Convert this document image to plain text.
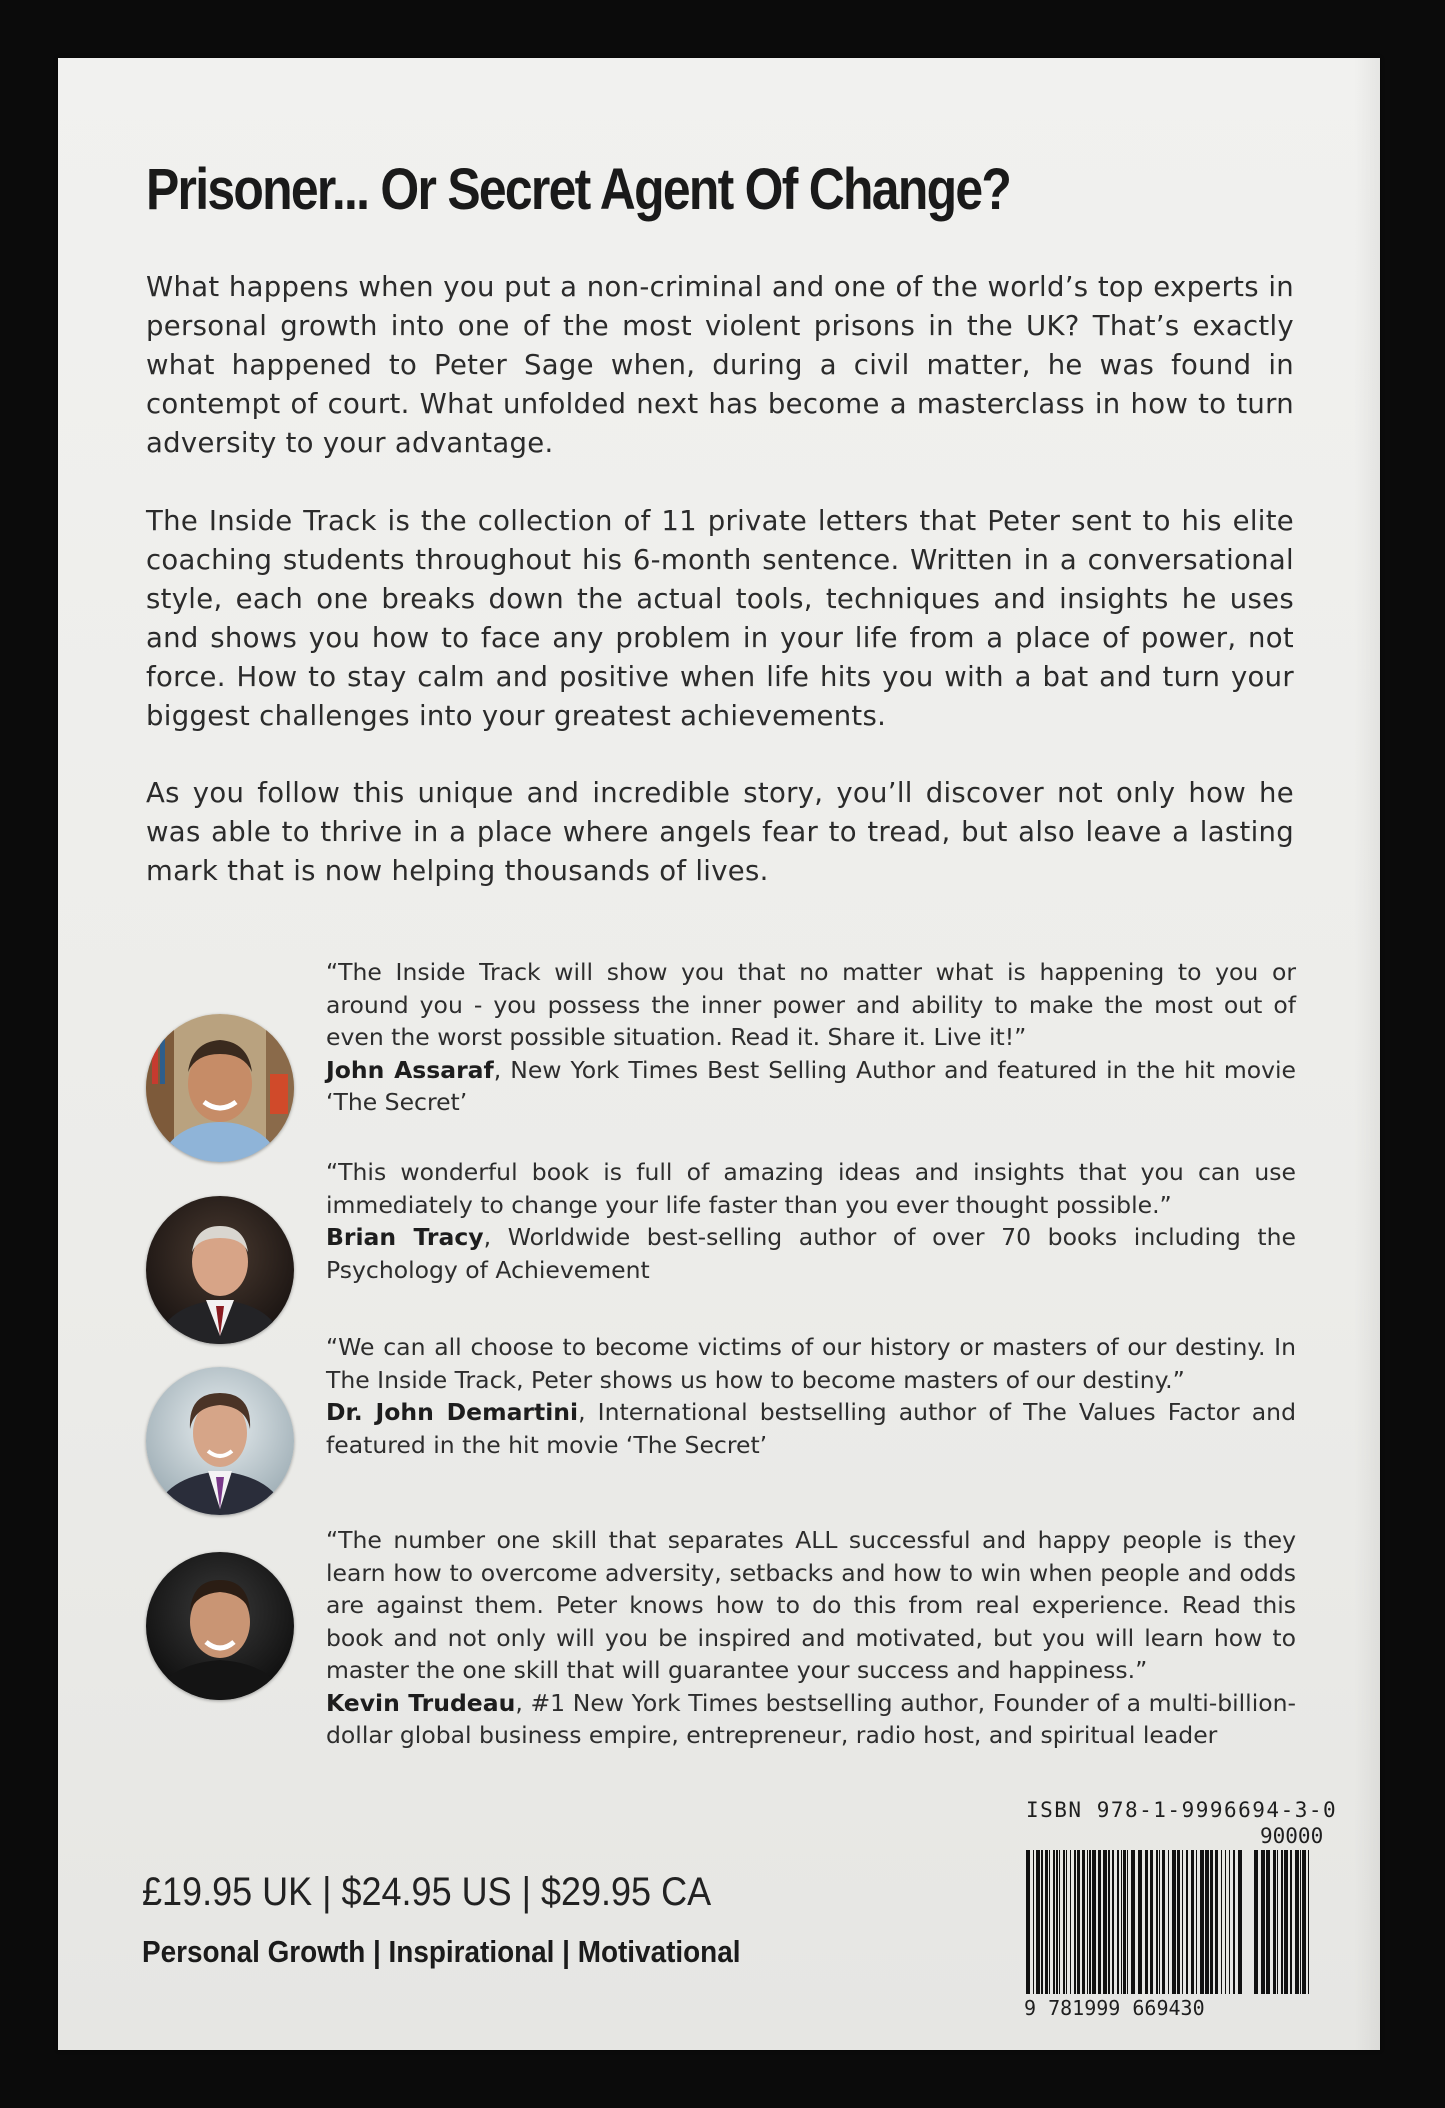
Prisoner... Or Secret Agent Of Change?

What happens when you put a non-criminal and one of the world’s top experts in personal growth into one of the most violent prisons in the UK? That’s exactly what happened to Peter Sage when, during a civil matter, he was found in contempt of court. What unfolded next has become a masterclass in how to turn adversity to your advantage.

The Inside Track is the collection of 11 private letters that Peter sent to his elite coaching students throughout his 6-month sentence. Written in a conversational style, each one breaks down the actual tools, techniques and insights he uses and shows you how to face any problem in your life from a place of power, not force. How to stay calm and positive when life hits you with a bat and turn your biggest challenges into your greatest achievements.

As you follow this unique and incredible story, you’ll discover not only how he was able to thrive in a place where angels fear to tread, but also leave a lasting mark that is now helping thousands of lives.

“The Inside Track will show you that no matter what is happening to you or around you - you possess the inner power and ability to make the most out of even the worst possible situation. Read it. Share it. Live it!”
John Assaraf, New York Times Best Selling Author and featured in the hit movie ‘The Secret’

“This wonderful book is full of amazing ideas and insights that you can use immediately to change your life faster than you ever thought possible.”
Brian Tracy, Worldwide best-selling author of over 70 books including the Psychology of Achievement

“We can all choose to become victims of our history or masters of our destiny. In The Inside Track, Peter shows us how to become masters of our destiny.”
Dr. John Demartini, International bestselling author of The Values Factor and featured in the hit movie ‘The Secret’

“The number one skill that separates ALL successful and happy people is they learn how to overcome adversity, setbacks and how to win when people and odds are against them. Peter knows how to do this from real experience. Read this book and not only will you be inspired and motivated, but you will learn how to master the one skill that will guarantee your success and happiness.”
Kevin Trudeau, #1 New York Times bestselling author, Founder of a multi-billion-dollar global business empire, entrepreneur, radio host, and spiritual leader

£19.95 UK | $24.95 US | $29.95 CA
Personal Growth | Inspirational | Motivational
ISBN 978-1-9996694-3-0
90000
9 781999 669430
